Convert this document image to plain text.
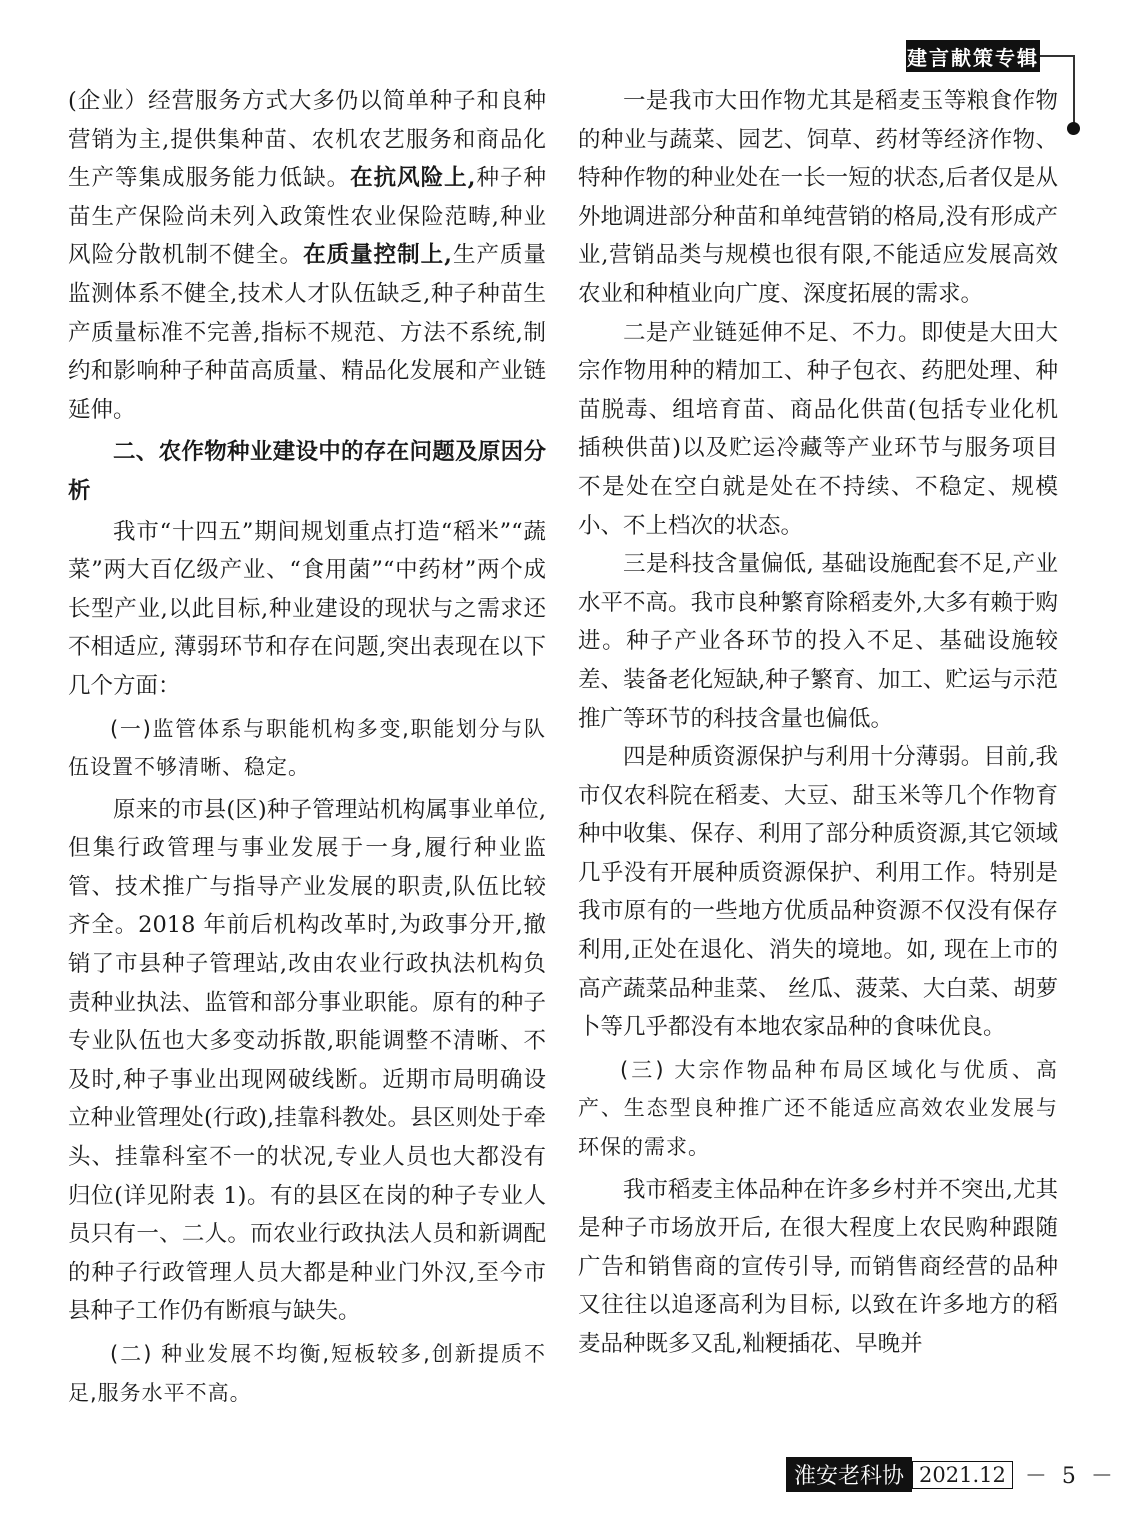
建言献策专辑

(企业）经营服务方式大多仍以简单种子和良种营销为主,提供集种苗、农机农艺服务和商品化生产等集成服务能力低缺。在抗风险上,种子种苗生产保险尚未列入政策性农业保险范畴,种业风险分散机制不健全。在质量控制上,生产质量监测体系不健全,技术人才队伍缺乏,种子种苗生产质量标准不完善,指标不规范、方法不系统,制约和影响种子种苗高质量、精品化发展和产业链延伸。

二、农作物种业建设中的存在问题及原因分析

我市“十四五”期间规划重点打造“稻米”“蔬菜”两大百亿级产业、“食用菌”“中药材”两个成长型产业,以此目标,种业建设的现状与之需求还不相适应, 薄弱环节和存在问题,突出表现在以下几个方面：

(一)监管体系与职能机构多变,职能划分与队伍设置不够清晰、稳定。

原来的市县(区)种子管理站机构属事业单位,但集行政管理与事业发展于一身,履行种业监管、技术推广与指导产业发展的职责,队伍比较齐全。2018 年前后机构改革时,为政事分开,撤销了市县种子管理站,改由农业行政执法机构负责种业执法、监管和部分事业职能。原有的种子专业队伍也大多变动拆散,职能调整不清晰、不及时,种子事业出现网破线断。近期市局明确设立种业管理处(行政),挂靠科教处。县区则处于牵头、挂靠科室不一的状况,专业人员也大都没有归位(详见附表 1)。有的县区在岗的种子专业人员只有一、二人。而农业行政执法人员和新调配的种子行政管理人员大都是种业门外汉,至今市县种子工作仍有断痕与缺失。

(二) 种业发展不均衡,短板较多,创新提质不足,服务水平不高。

一是我市大田作物尤其是稻麦玉等粮食作物的种业与蔬菜、园艺、饲草、药材等经济作物、特种作物的种业处在一长一短的状态,后者仅是从外地调进部分种苗和单纯营销的格局,没有形成产业,营销品类与规模也很有限,不能适应发展高效农业和种植业向广度、深度拓展的需求。

二是产业链延伸不足、不力。即使是大田大宗作物用种的精加工、种子包衣、药肥处理、种苗脱毒、组培育苗、商品化供苗(包括专业化机插秧供苗)以及贮运冷藏等产业环节与服务项目不是处在空白就是处在不持续、不稳定、规模小、不上档次的状态。

三是科技含量偏低, 基础设施配套不足,产业水平不高。我市良种繁育除稻麦外,大多有赖于购进。种子产业各环节的投入不足、基础设施较差、装备老化短缺,种子繁育、加工、贮运与示范推广等环节的科技含量也偏低。

四是种质资源保护与利用十分薄弱。目前,我市仅农科院在稻麦、大豆、甜玉米等几个作物育种中收集、保存、利用了部分种质资源,其它领域几乎没有开展种质资源保护、利用工作。特别是我市原有的一些地方优质品种资源不仅没有保存利用,正处在退化、消失的境地。如, 现在上市的高产蔬菜品种韭菜、 丝瓜、菠菜、大白菜、胡萝卜等几乎都没有本地农家品种的食味优良。

(三) 大宗作物品种布局区域化与优质、高产、生态型良种推广还不能适应高效农业发展与环保的需求。

我市稻麦主体品种在许多乡村并不突出,尤其是种子市场放开后, 在很大程度上农民购种跟随广告和销售商的宣传引导, 而销售商经营的品种又往往以追逐高利为目标, 以致在许多地方的稻麦品种既多又乱,籼粳插花、早晚并

淮安老科协 2021.12 － 5 －
